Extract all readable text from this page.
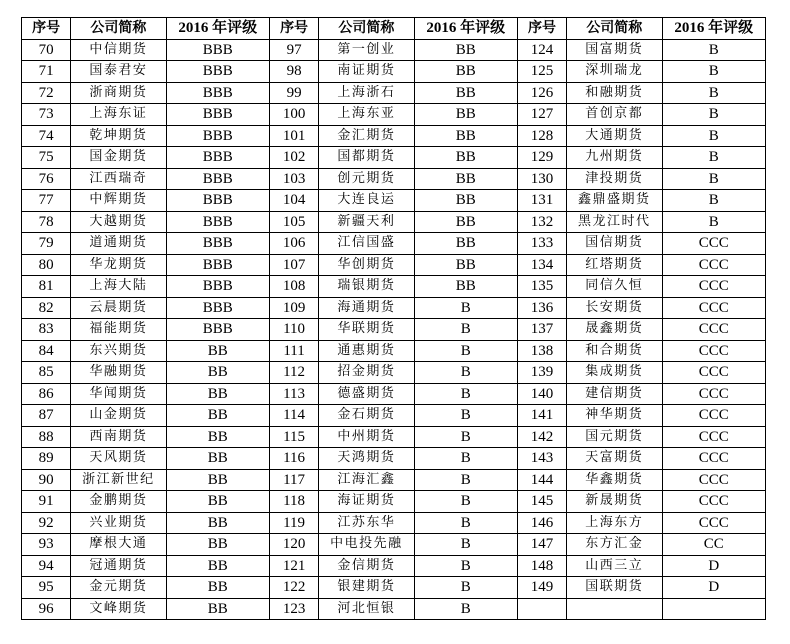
序号	公司简称	2016 年评级	序号	公司简称	2016 年评级	序号	公司简称	2016 年评级
70	中信期货	BBB	97	第一创业	BB	124	国富期货	B
71	国泰君安	BBB	98	南证期货	BB	125	深圳瑞龙	B
72	浙商期货	BBB	99	上海浙石	BB	126	和融期货	B
73	上海东证	BBB	100	上海东亚	BB	127	首创京都	B
74	乾坤期货	BBB	101	金汇期货	BB	128	大通期货	B
75	国金期货	BBB	102	国都期货	BB	129	九州期货	B
76	江西瑞奇	BBB	103	创元期货	BB	130	津投期货	B
77	中辉期货	BBB	104	大连良运	BB	131	鑫鼎盛期货	B
78	大越期货	BBB	105	新疆天利	BB	132	黑龙江时代	B
79	道通期货	BBB	106	江信国盛	BB	133	国信期货	CCC
80	华龙期货	BBB	107	华创期货	BB	134	红塔期货	CCC
81	上海大陆	BBB	108	瑞银期货	BB	135	同信久恒	CCC
82	云晨期货	BBB	109	海通期货	B	136	长安期货	CCC
83	福能期货	BBB	110	华联期货	B	137	晟鑫期货	CCC
84	东兴期货	BB	111	通惠期货	B	138	和合期货	CCC
85	华融期货	BB	112	招金期货	B	139	集成期货	CCC
86	华闻期货	BB	113	德盛期货	B	140	建信期货	CCC
87	山金期货	BB	114	金石期货	B	141	神华期货	CCC
88	西南期货	BB	115	中州期货	B	142	国元期货	CCC
89	天风期货	BB	116	天鸿期货	B	143	天富期货	CCC
90	浙江新世纪	BB	117	江海汇鑫	B	144	华鑫期货	CCC
91	金鹏期货	BB	118	海证期货	B	145	新晟期货	CCC
92	兴业期货	BB	119	江苏东华	B	146	上海东方	CCC
93	摩根大通	BB	120	中电投先融	B	147	东方汇金	CC
94	冠通期货	BB	121	金信期货	B	148	山西三立	D
95	金元期货	BB	122	银建期货	B	149	国联期货	D
96	文峰期货	BB	123	河北恒银	B			
